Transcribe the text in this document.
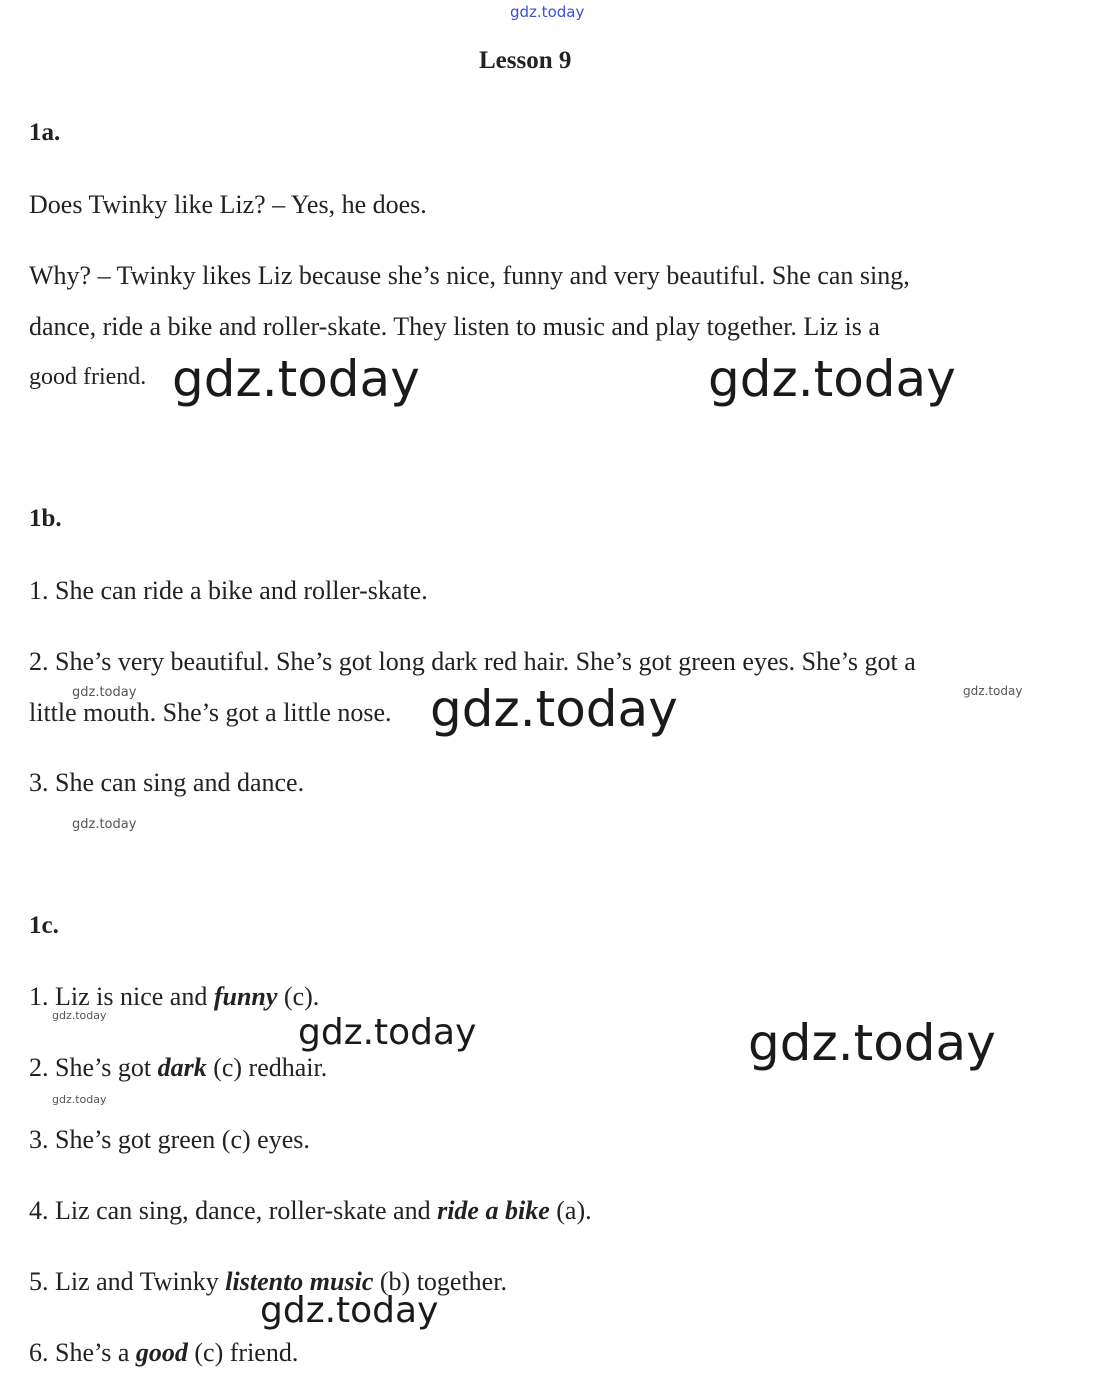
gdz.today
Lesson 9
1a.
Does Twinky like Liz? – Yes, he does.
Why? – Twinky likes Liz because she’s nice, funny and very beautiful. She can sing,
dance, ride a bike and roller-skate. They listen to music and play together. Liz is a
good friend. gdz.today	gdz.today
1b.
1. She can ride a bike and roller-skate.
2. She’s very beautiful. She’s got long dark red hair. She’s got green eyes. She’s got a
little mouth. She’s got a little nose.
3. She can sing and dance.
gdz.today	gdz.today
gdz.today
gdz.today
1c.
1. Liz is nice and funny (c).
gdz.today
2. She’s got dark (c) redhair.
gdz.today	gdz.today
gdz.today
3. She’s got green (c) eyes.
4. Liz can sing, dance, roller-skate and ride a bike (a).
5. Liz and Twinky listento music (b) together.
gdz.today
6. She’s a good (c) friend.
